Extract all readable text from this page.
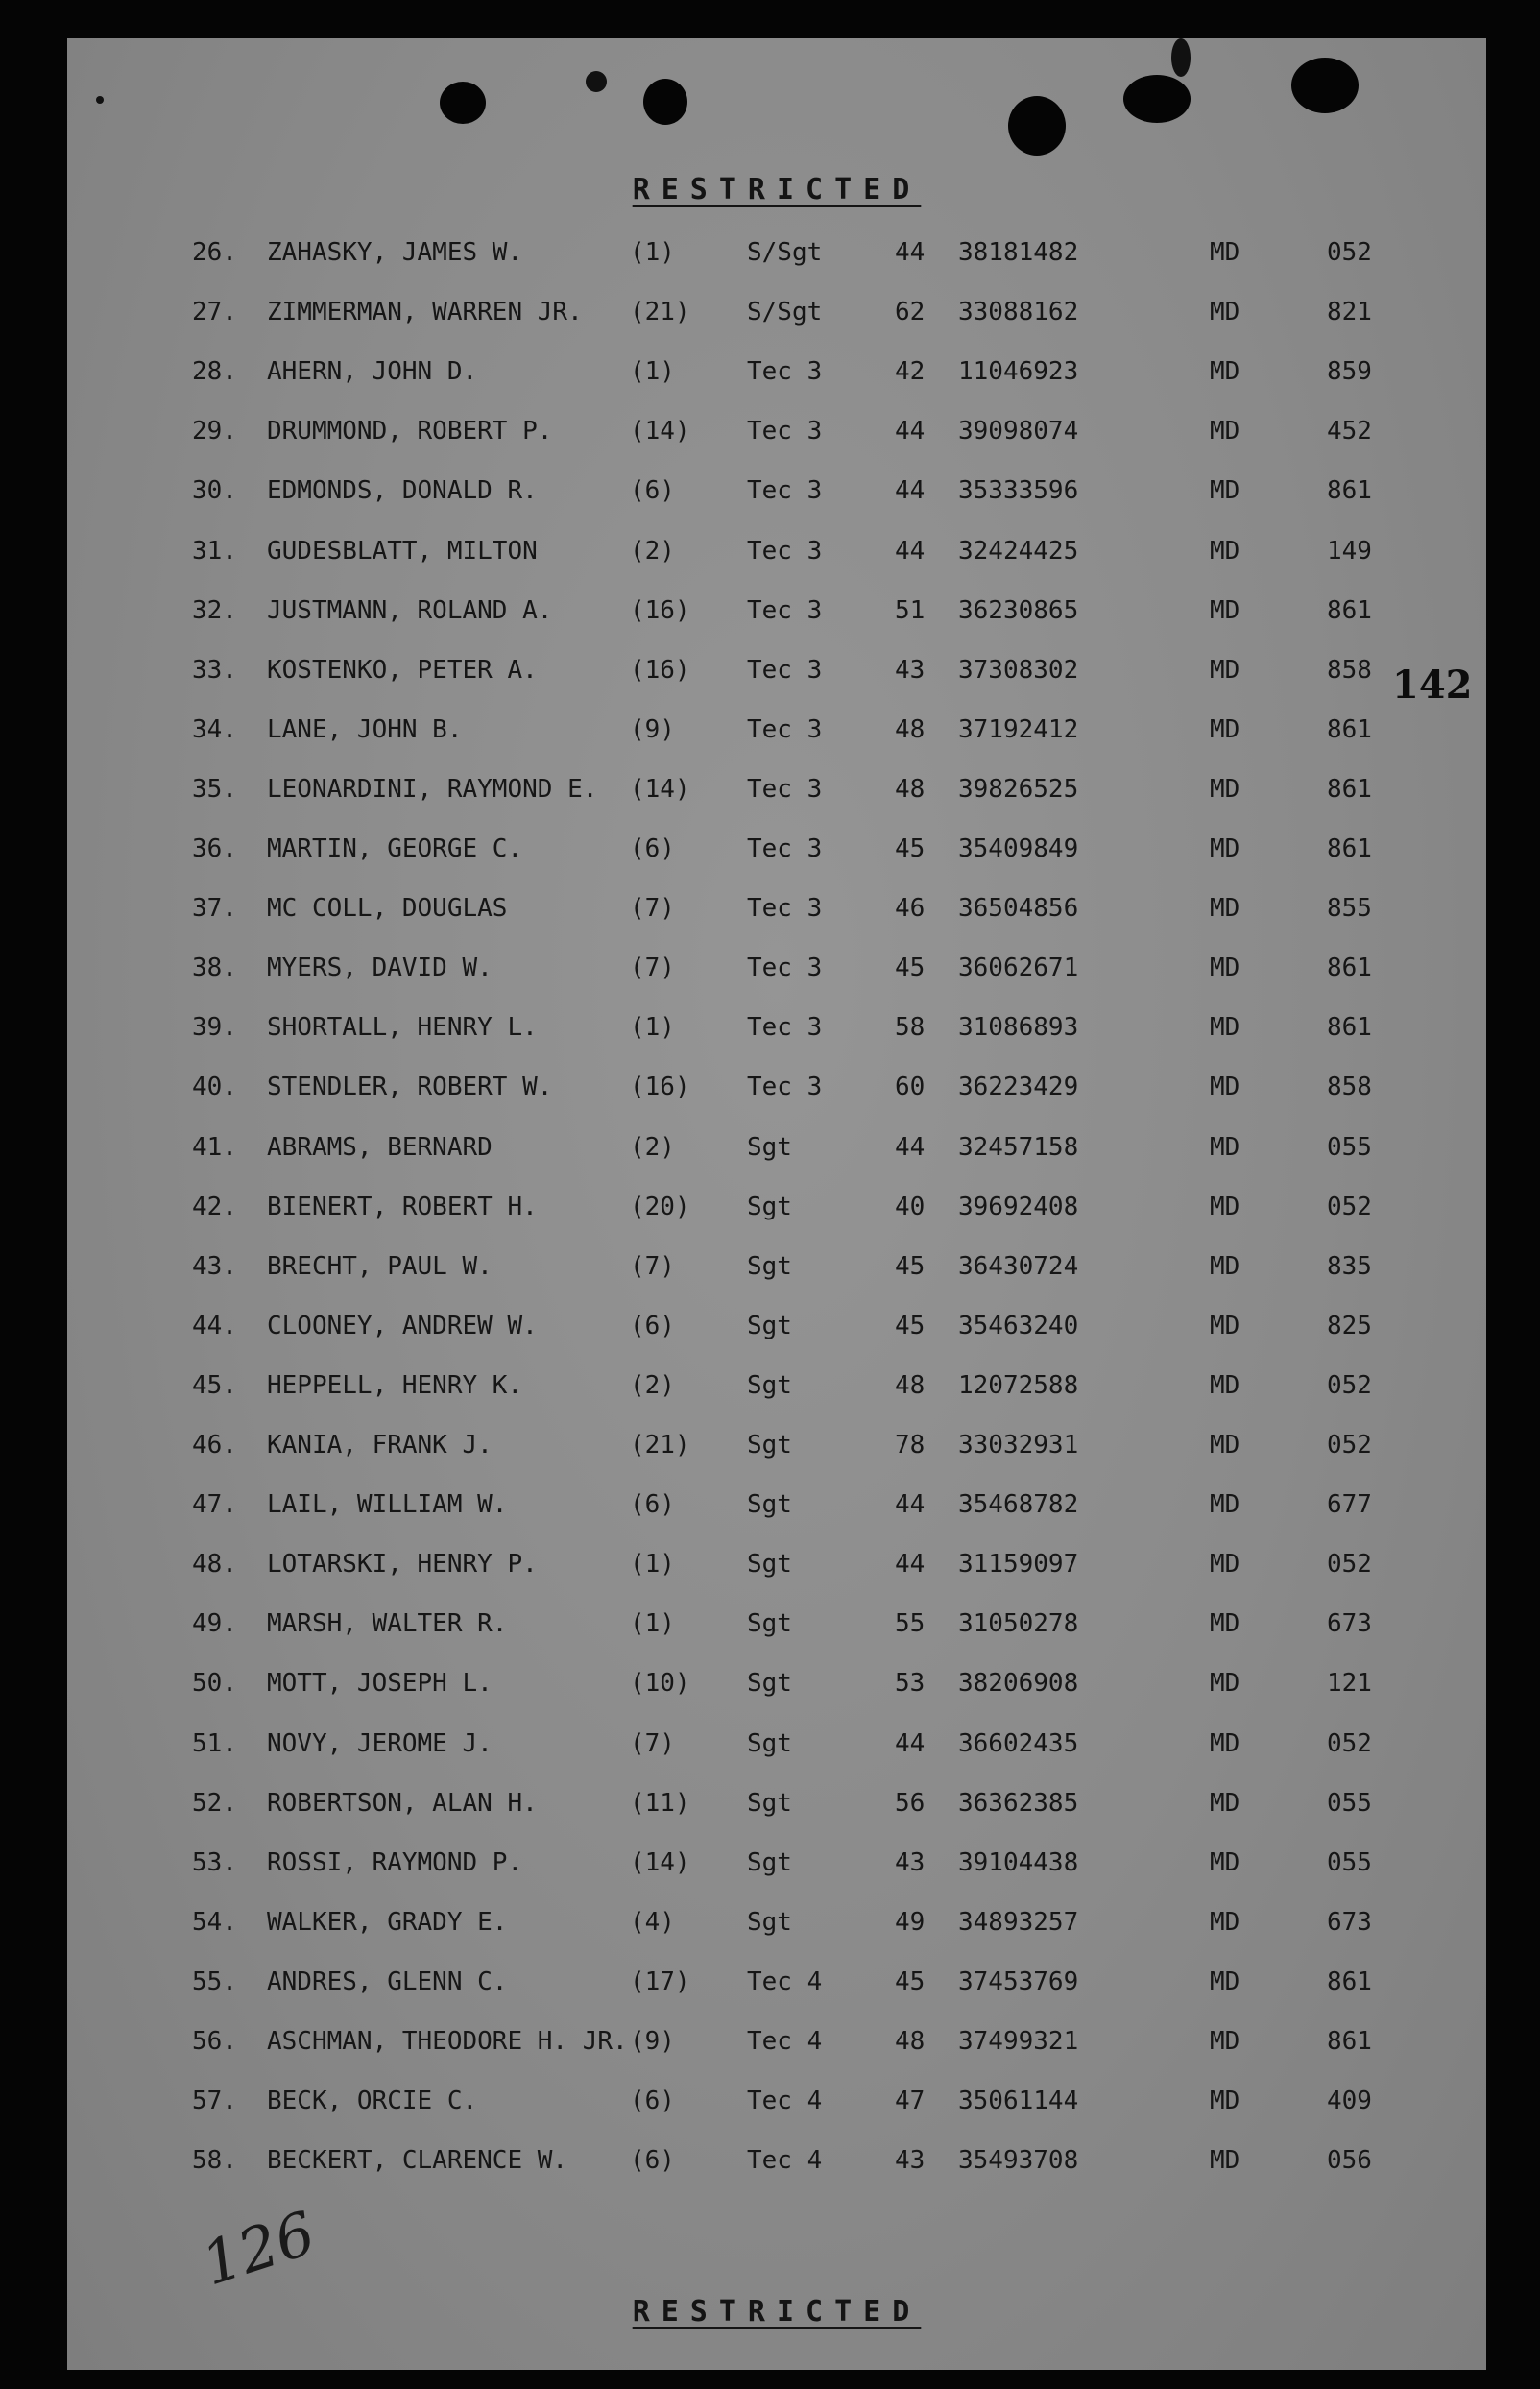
RESTRICTED
26. ZAHASKY, JAMES W.	(1)	S/Sgt	44 38181482	MD	052
27. ZIMMERMAN, WARREN JR. (21) S/Sgt	62 33088162	MD	821
28. AHERN, JOHN D.	(1)	Tec 3	42 11046923	MD	859
29. DRUMMOND, ROBERT P.	(14) Tec 3	44 39098074	MD	452
30. EDMONDS, DONALD R.	(6)	Tec 3	44 35333596	MD	861
31. GUDESBLATT, MILTON	(2)	Tec 3	44 32424425	MD	149
32. JUSTMANN, ROLAND A.	(16) Tec 3	51 36230865	MD	861
33. KOSTENKO, PETER A.	(16) Tec 3	43 37308302	MD	858
34. LANE, JOHN B.	(9)	Tec 3	48 37192412	MD	861
35. LEONARDINI, RAYMOND E. (14) Tec 3	48 39826525	MD	861
36. MARTIN, GEORGE C.	(6)	Tec 3	45 35409849	MD	861
37. MC COLL, DOUGLAS	(7)	Tec 3	46 36504856	MD	855
38. MYERS, DAVID W.	(7)	Tec 3	45 36062671	MD	861
39. SHORTALL, HENRY L.	(1)	Tec 3	58 31086893	MD	861
40. STENDLER, ROBERT W.	(16) Tec 3	60 36223429	MD	858
41. ABRAMS, BERNARD	(2)	Sgt	44 32457158	MD	055
42. BIENERT, ROBERT H.	(20) Sgt	40 39692408	MD	052
43. BRECHT, PAUL W.	(7)	Sgt	45 36430724	MD	835
44. CLOONEY, ANDREW W.	(6)	Sgt	45 35463240	MD	825
45. HEPPELL, HENRY K.	(2)	Sgt	48 12072588	MD	052
46. KANIA, FRANK J.	(21) Sgt	78 33032931	MD	052
47. LAIL, WILLIAM W.	(6)	Sgt	44 35468782	MD	677
48. LOTARSKI, HENRY P.	(1)	Sgt	44 31159097	MD	052
49. MARSH, WALTER R.	(1)	Sgt	55 31050278	MD	673
50. MOTT, JOSEPH L.	(10) Sgt	53 38206908	MD	121
51. NOVY, JEROME J.	(7)	Sgt	44 36602435	MD	052
52. ROBERTSON, ALAN H.	(11) Sgt	56 36362385	MD	055
53. ROSSI, RAYMOND P.	(14) Sgt	43 39104438	MD	055
54. WALKER, GRADY E.	(4)	Sgt	49 34893257	MD	673
55. ANDRES, GLENN C.	(17) Tec 4	45 37453769	MD	861
56. ASCHMAN, THEODORE H. JR. (9)	Tec 4	48 37499321	MD	861
57. BECK, ORCIE C.	(6)	Tec 4	47 35061144	MD	409
58. BECKERT, CLARENCE W. (6)	Tec 4	43 35493708	MD	056
142
126
RESTRICTED
